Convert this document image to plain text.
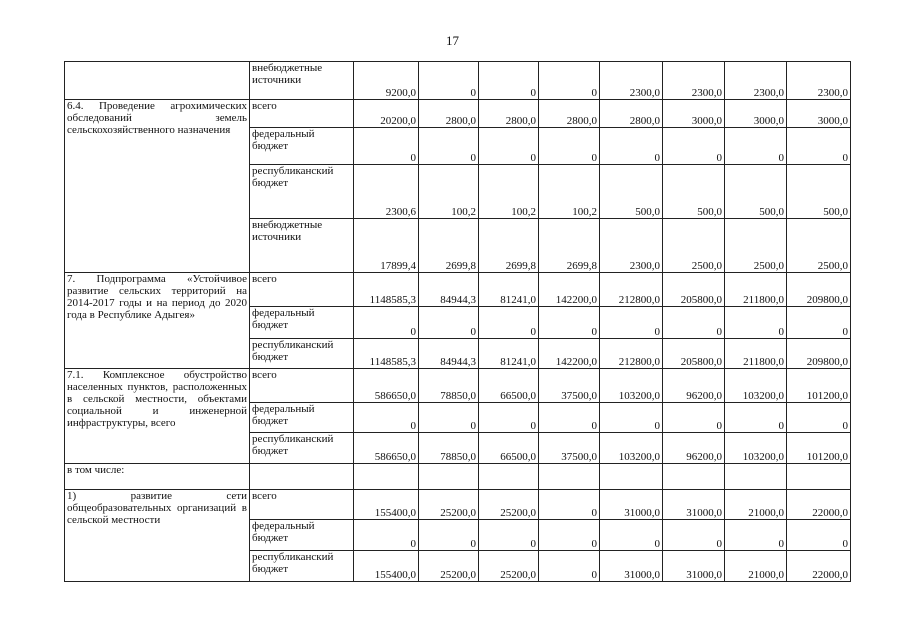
17
	внебюджетные источники	9200,0	0	0	0	2300,0	2300,0	2300,0	2300,0
6.4. Проведение агрохимических обследований земель сельскохозяйственного назначения	всего	20200,0	2800,0	2800,0	2800,0	2800,0	3000,0	3000,0	3000,0
	федеральный бюджет	0	0	0	0	0	0	0	0
	республиканский бюджет	2300,6	100,2	100,2	100,2	500,0	500,0	500,0	500,0
	внебюджетные источники	17899,4	2699,8	2699,8	2699,8	2300,0	2500,0	2500,0	2500,0
7. Подпрограмма «Устойчивое развитие сельских территорий на 2014-2017 годы и на период до 2020 года в Республике Адыгея»	всего	1148585,3	84944,3	81241,0	142200,0	212800,0	205800,0	211800,0	209800,0
	федеральный бюджет	0	0	0	0	0	0	0	0
	республиканский бюджет	1148585,3	84944,3	81241,0	142200,0	212800,0	205800,0	211800,0	209800,0
7.1. Комплексное обустройство населенных пунктов, расположенных в сельской местности, объектами социальной и инженерной инфраструктуры, всего	всего	586650,0	78850,0	66500,0	37500,0	103200,0	96200,0	103200,0	101200,0
	федеральный бюджет	0	0	0	0	0	0	0	0
	республиканский бюджет	586650,0	78850,0	66500,0	37500,0	103200,0	96200,0	103200,0	101200,0
в том числе:									
1) развитие сети общеобразовательных организаций в сельской местности	всего	155400,0	25200,0	25200,0	0	31000,0	31000,0	21000,0	22000,0
	федеральный бюджет	0	0	0	0	0	0	0	0
	республиканский бюджет	155400,0	25200,0	25200,0	0	31000,0	31000,0	21000,0	22000,0
